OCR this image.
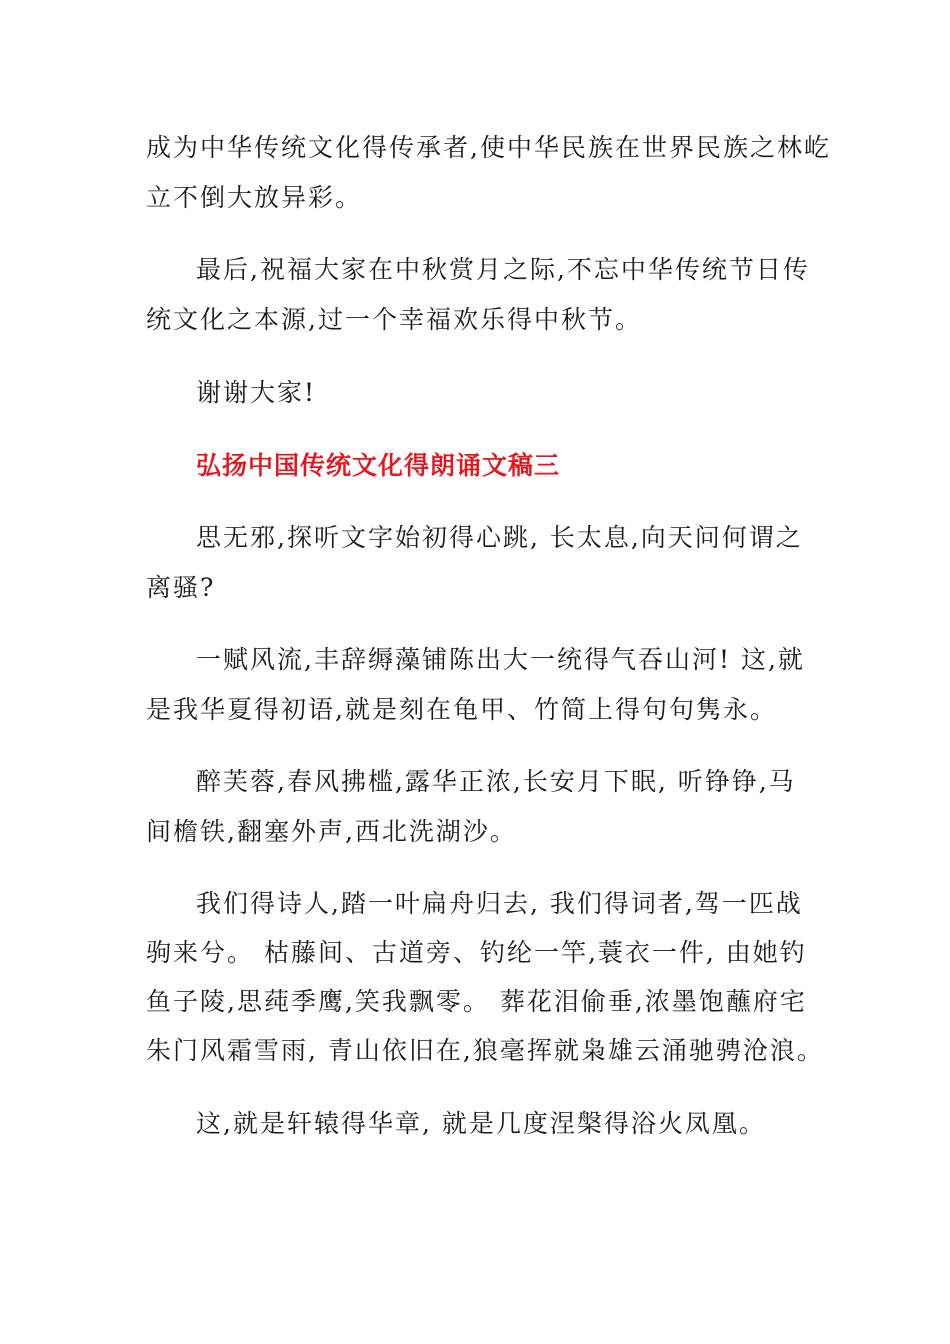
成为中华传统文化得传承者,使中华民族在世界民族之林屹
立不倒大放异彩。
最后,祝福大家在中秋赏月之际,不忘中华传统节日传
统文化之本源,过一个幸福欢乐得中秋节。
谢谢大家!
弘扬中国传统文化得朗诵文稿三
思无邪,探听文字始初得心跳, 长太息,向天问何谓之
离骚?
一赋风流,丰辞缛藻铺陈出大一统得气吞山河! 这,就
是我华夏得初语,就是刻在龟甲、竹简上得句句隽永。
醉芙蓉,春风拂槛,露华正浓,长安月下眠, 听铮铮,马
间檐铁,翻塞外声,西北洗湖沙。
我们得诗人,踏一叶扁舟归去, 我们得词者,驾一匹战
驹来兮。 枯藤间、古道旁、钓纶一竿,蓑衣一件, 由她钓
鱼子陵,思莼季鹰,笑我飘零。 葬花泪偷垂,浓墨饱蘸府宅
朱门风霜雪雨, 青山依旧在,狼毫挥就枭雄云涌驰骋沧浪。
这,就是轩辕得华章, 就是几度涅槃得浴火凤凰。
